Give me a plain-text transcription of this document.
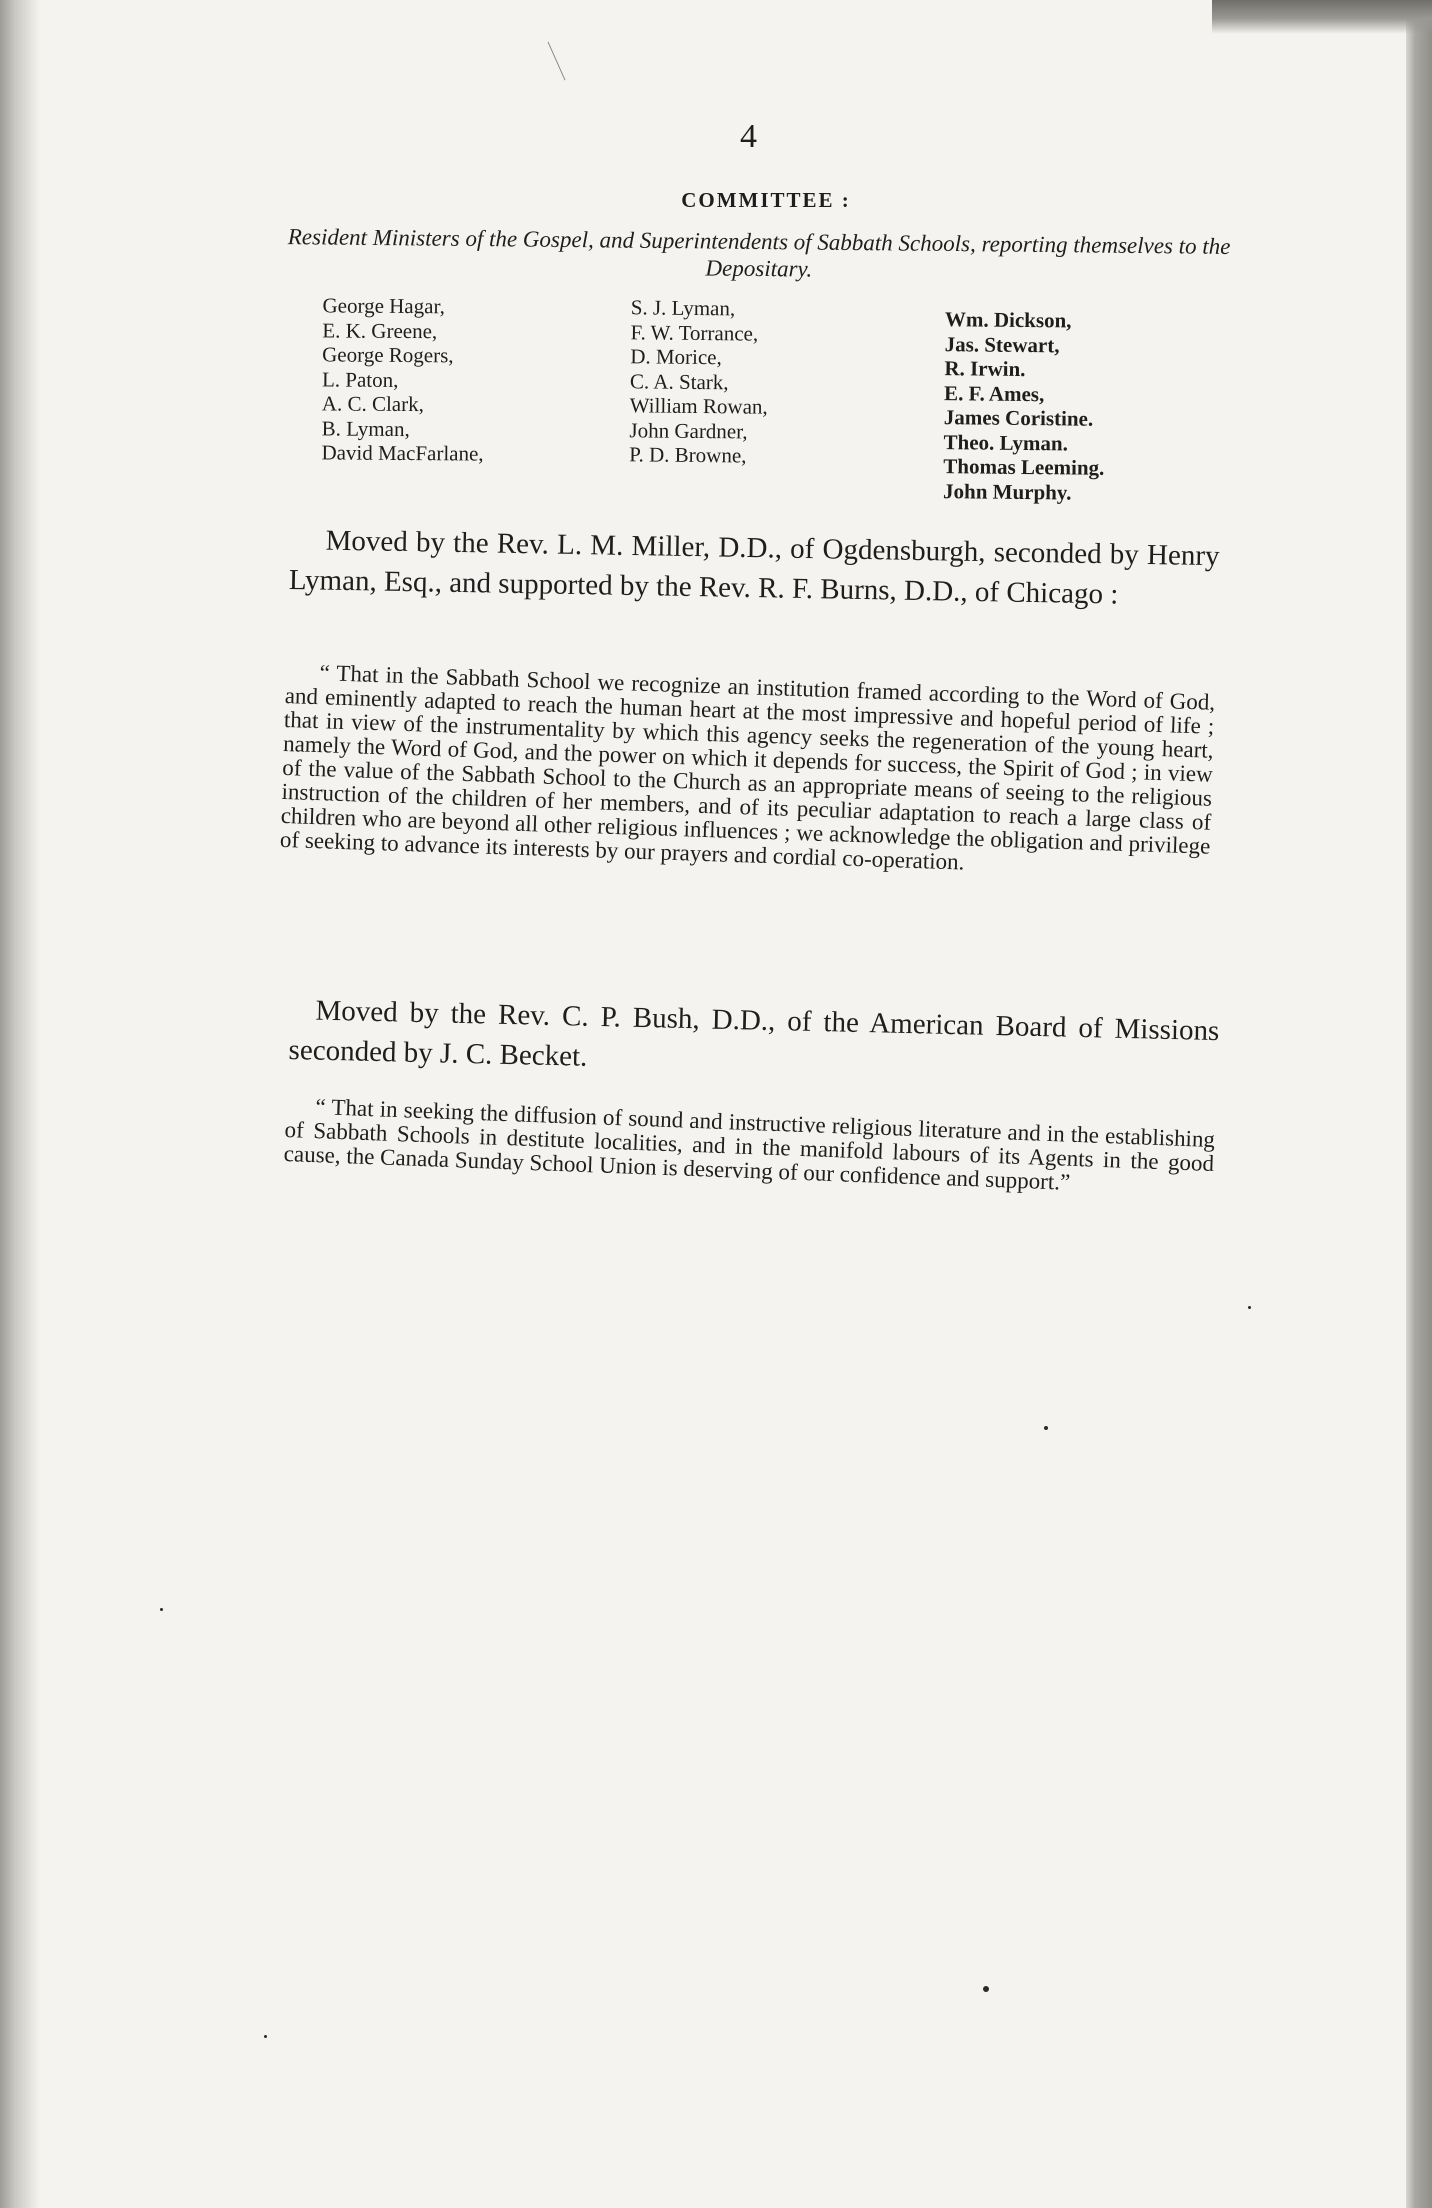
4
COMMITTEE :
Resident Ministers of the Gospel, and Superintendents of Sabbath Schools, reporting themselves to the Depositary.
George Hagar,
E. K. Greene,
George Rogers,
L. Paton,
A. C. Clark,
B. Lyman,
David MacFarlane,
S. J. Lyman,
F. W. Torrance,
D. Morice,
C. A. Stark,
William Rowan,
John Gardner,
P. D. Browne,
Wm. Dickson,
Jas. Stewart,
R. Irwin.
E. F. Ames,
James Coristine.
Theo. Lyman.
Thomas Leeming.
John Murphy.
Moved by the Rev. L. M. Miller, D.D., of Ogdensburgh, seconded by Henry Lyman, Esq., and supported by the Rev. R. F. Burns, D.D., of Chicago :
“ That in the Sabbath School we recognize an institution framed according to the Word of God, and eminently adapted to reach the human heart at the most impressive and hopeful period of life ; that in view of the instrumentality by which this agency seeks the regeneration of the young heart, namely the Word of God, and the power on which it depends for success, the Spirit of God ; in view of the value of the Sabbath School to the Church as an appropriate means of seeing to the religious instruction of the children of her members, and of its peculiar adaptation to reach a large class of children who are beyond all other religious influences ; we acknowledge the obligation and privilege of seeking to advance its interests by our prayers and cordial co-operation.
Moved by the Rev. C. P. Bush, D.D., of the American Board of Missions seconded by J. C. Becket.
“ That in seeking the diffusion of sound and instructive religious literature and in the establishing of Sabbath Schools in destitute localities, and in the manifold labours of its Agents in the good cause, the Canada Sunday School Union is deserving of our confidence and support.”
